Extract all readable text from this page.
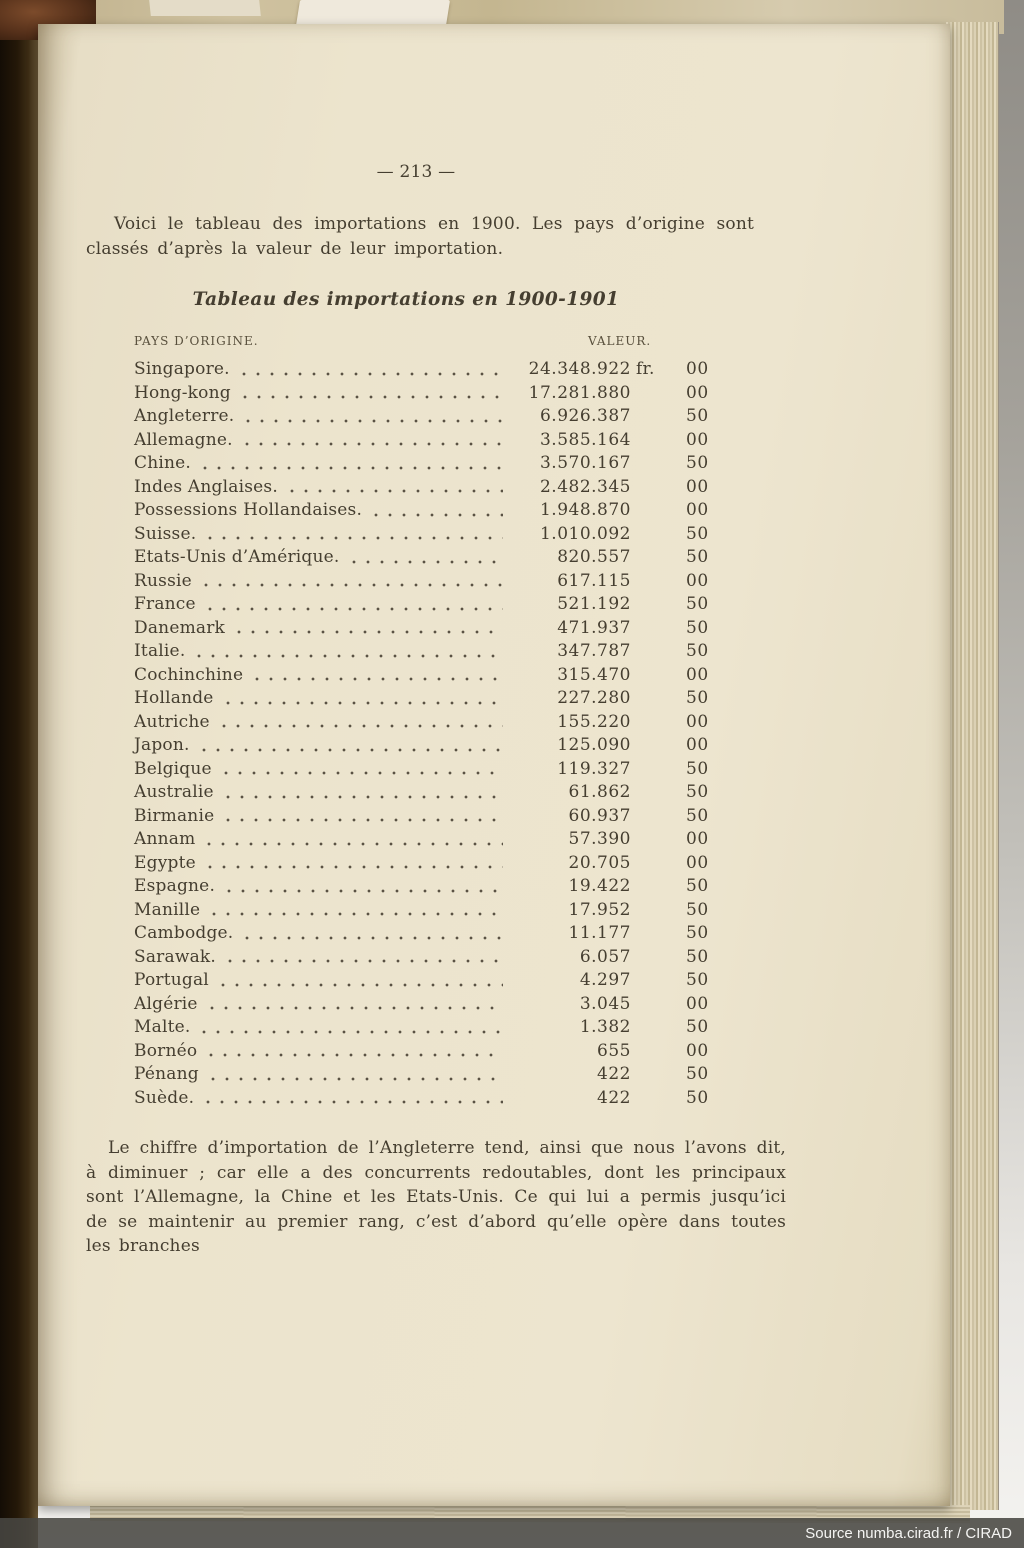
— 213 —

Voici le tableau des importations en 1900. Les pays d’origine sont classés d’après la valeur de leur importation.

Tableau des importations en 1900-1901
PAYS D’ORIGINE.	VALEUR.
Singapore.	24.348.922 fr.	00
Hong-kong	17.281.880	00
Angleterre.	6.926.387	50
Allemagne.	3.585.164	00
Chine.	3.570.167	50
Indes Anglaises.	2.482.345	00
Possessions Hollandaises.	1.948.870	00
Suisse.	1.010.092	50
Etats-Unis d’Amérique.	820.557	50
Russie	617.115	00
France	521.192	50
Danemark	471.937	50
Italie.	347.787	50
Cochinchine	315.470	00
Hollande	227.280	50
Autriche	155.220	00
Japon.	125.090	00
Belgique	119.327	50
Australie	61.862	50
Birmanie	60.937	50
Annam	57.390	00
Egypte	20.705	00
Espagne.	19.422	50
Manille	17.952	50
Cambodge.	11.177	50
Sarawak.	6.057	50
Portugal	4.297	50
Algérie	3.045	00
Malte.	1.382	50
Bornéo	655	00
Pénang	422	50
Suède.	422	50

Le chiffre d’importation de l’Angleterre tend, ainsi que nous l’avons dit, à diminuer ; car elle a des concurrents redoutables, dont les principaux sont l’Allemagne, la Chine et les Etats-Unis. Ce qui lui a permis jusqu’ici de se maintenir au premier rang, c’est d’abord qu’elle opère dans toutes les branches

Source numba.cirad.fr / CIRAD
